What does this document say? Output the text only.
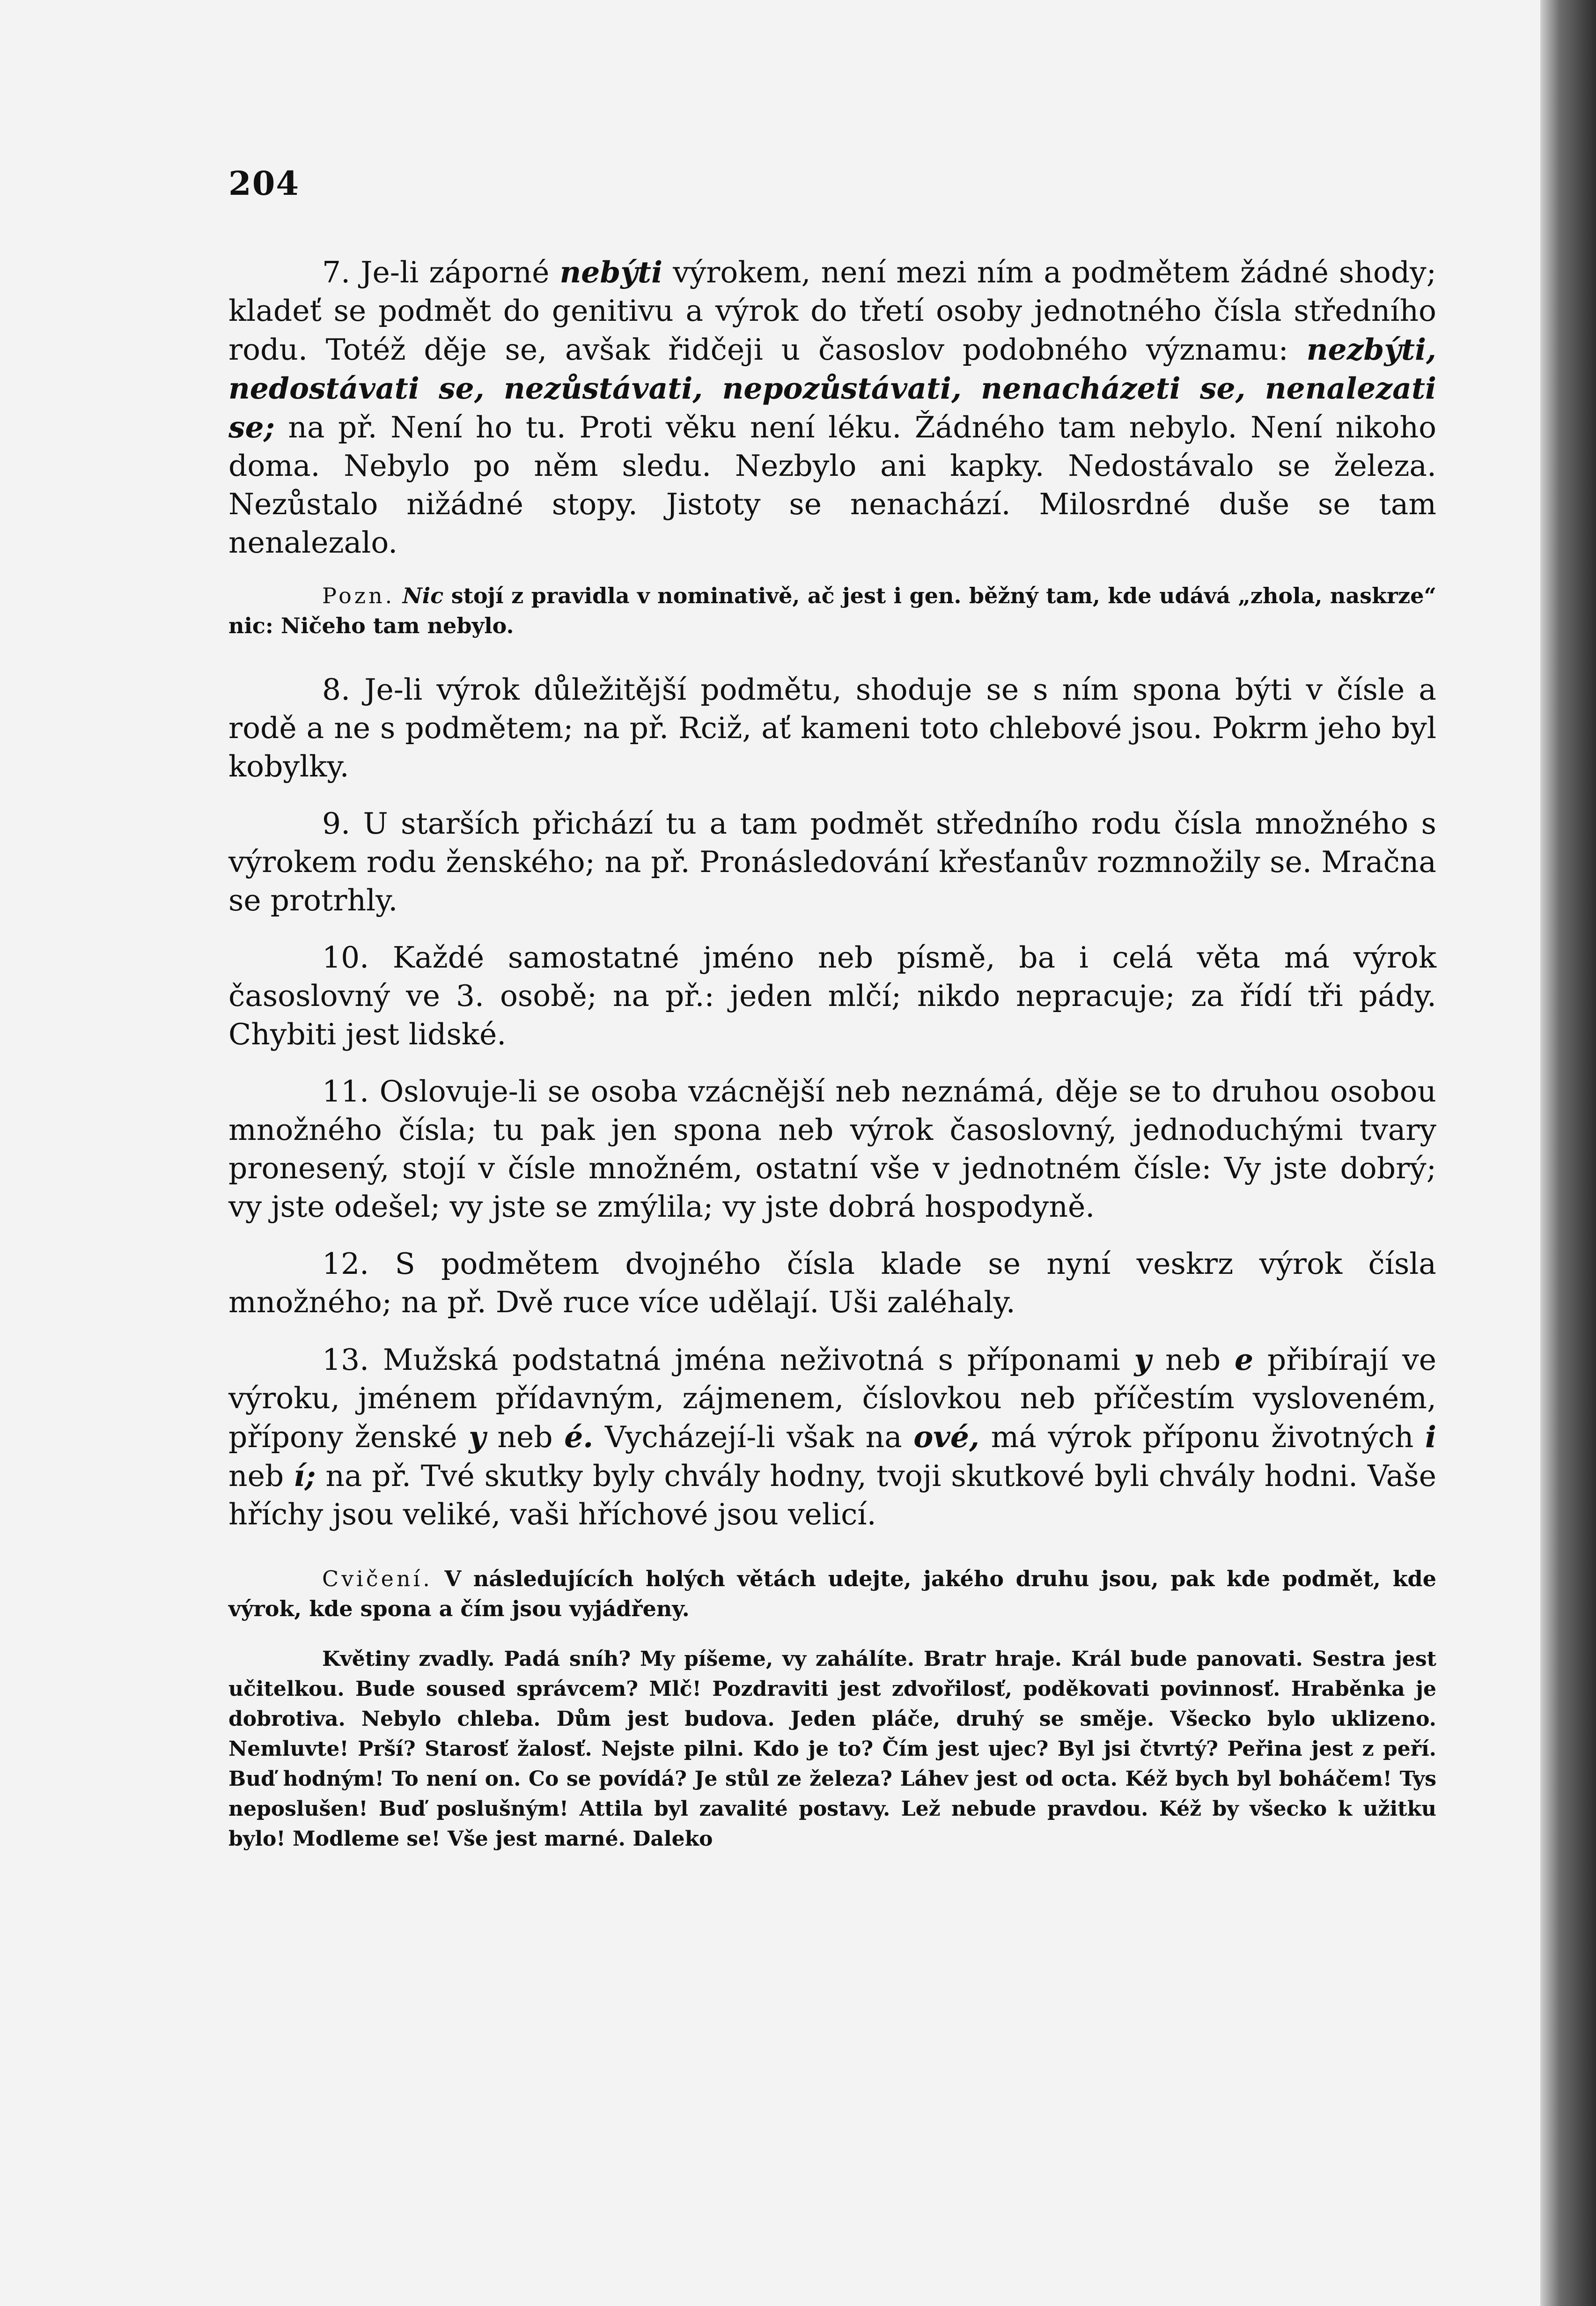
204

7. Je-li záporné nebýti výrokem, není mezi ním a podmětem žádné shody; kladeť se podmět do genitivu a výrok do třetí osoby jednotného čísla středního rodu. Totéž děje se, avšak řidčeji u časoslov podobného významu: nezbýti, nedostávati se, nezůstávati, nepozůstávati, nenacházeti se, nenalezati se; na př. Není ho tu. Proti věku není léku. Žádného tam nebylo. Není nikoho doma. Nebylo po něm sledu. Nezbylo ani kapky. Nedostávalo se železa. Nezůstalo nižádné stopy. Jistoty se nenachází. Milosrdné duše se tam nenalezalo.

Pozn. Nic stojí z pravidla v nominativě, ač jest i gen. běžný tam, kde udává „zhola, naskrze“ nic: Ničeho tam nebylo.

8. Je-li výrok důležitější podmětu, shoduje se s ním spona býti v čísle a rodě a ne s podmětem; na př. Rciž, ať kameni toto chlebové jsou. Pokrm jeho byl kobylky.

9. U starších přichází tu a tam podmět středního rodu čísla množného s výrokem rodu ženského; na př. Pronásledování křesťanův rozmnožily se. Mračna se protrhly.

10. Každé samostatné jméno neb písmě, ba i celá věta má výrok časoslovný ve 3. osobě; na př.: jeden mlčí; nikdo nepracuje; za řídí tři pády. Chybiti jest lidské.

11. Oslovuje-li se osoba vzácnější neb neznámá, děje se to druhou osobou množného čísla; tu pak jen spona neb výrok časoslovný, jednoduchými tvary pronesený, stojí v čísle množném, ostatní vše v jednotném čísle: Vy jste dobrý; vy jste odešel; vy jste se zmýlila; vy jste dobrá hospodyně.

12. S podmětem dvojného čísla klade se nyní veskrz výrok čísla množného; na př. Dvě ruce více udělají. Uši zaléhaly.

13. Mužská podstatná jména neživotná s příponami y neb e přibírají ve výroku, jménem přídavným, zájmenem, číslovkou neb příčestím vysloveném, přípony ženské y neb é. Vycházejí-li však na ové, má výrok příponu životných i neb í; na př. Tvé skutky byly chvály hodny, tvoji skutkové byli chvály hodni. Vaše hříchy jsou veliké, vaši hříchové jsou velicí.

Cvičení. V následujících holých větách udejte, jakého druhu jsou, pak kde podmět, kde výrok, kde spona a čím jsou vyjádřeny.

Květiny zvadly. Padá sníh? My píšeme, vy zahálíte. Bratr hraje. Král bude panovati. Sestra jest učitelkou. Bude soused správcem? Mlč! Pozdraviti jest zdvořilosť, poděkovati povinnosť. Hraběnka je dobrotiva. Nebylo chleba. Dům jest budova. Jeden pláče, druhý se směje. Všecko bylo uklizeno. Nemluvte! Prší? Starosť žalosť. Nejste pilni. Kdo je to? Čím jest ujec? Byl jsi čtvrtý? Peřina jest z peří. Buď hodným! To není on. Co se povídá? Je stůl ze železa? Láhev jest od octa. Kéž bych byl boháčem! Tys neposlušen! Buď poslušným! Attila byl zavalité postavy. Lež nebude pravdou. Kéž by všecko k užitku bylo! Modleme se! Vše jest marné. Daleko
